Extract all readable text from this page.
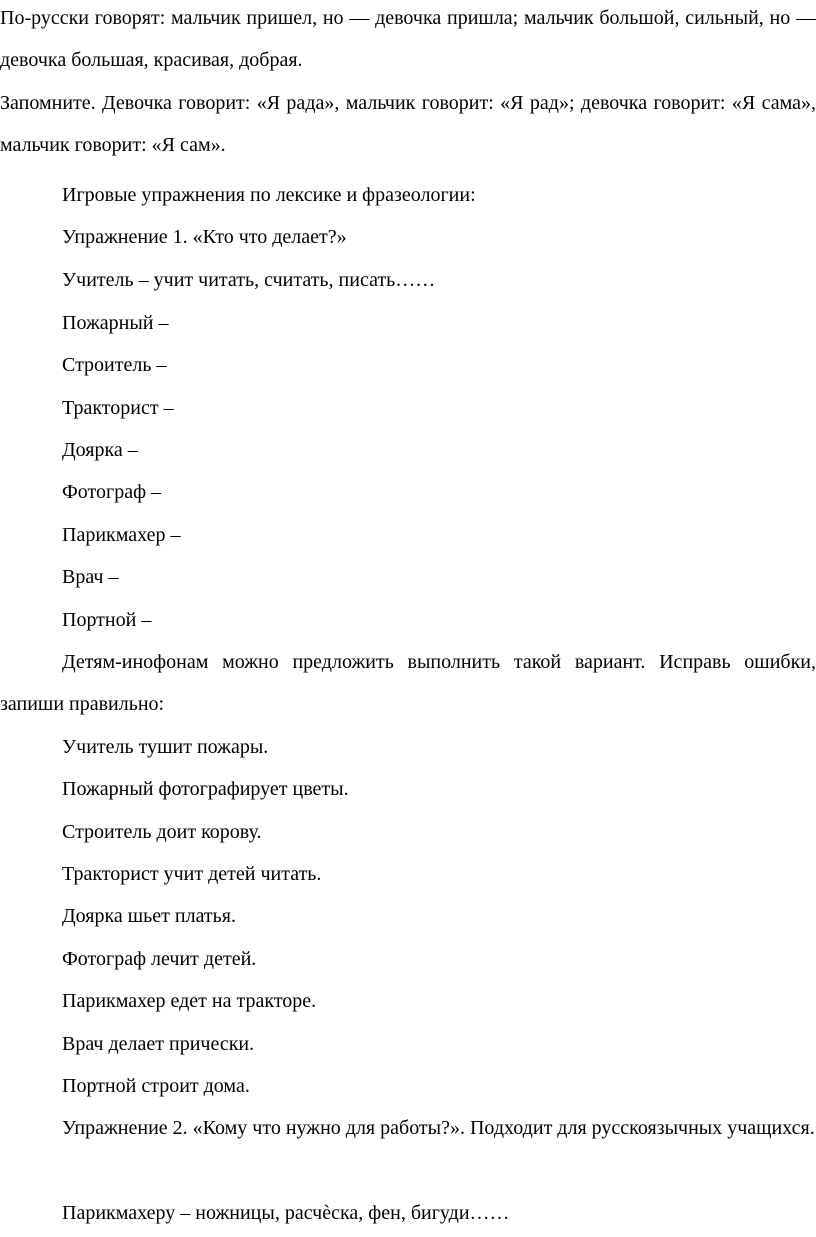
По-русски говорят: мальчик пришел, но — девочка пришла; мальчик большой, сильный, но — девочка большая, красивая, добрая.
Запомните. Девочка говорит: «Я рада», мальчик говорит: «Я рад»; девочка говорит: «Я сама», мальчик говорит: «Я сам».
Игровые упражнения по лексике и фразеологии:
Упражнение 1. «Кто что делает?»
Учитель – учит читать, считать, писать……
Пожарный –
Строитель –
Тракторист –
Доярка –
Фотограф –
Парикмахер –
Врач –
Портной –
Детям-инофонам можно предложить выполнить такой вариант. Исправь ошибки, запиши правильно:
Учитель тушит пожары.
Пожарный фотографирует цветы.
Строитель доит корову.
Тракторист учит детей читать.
Доярка шьет платья.
Фотограф лечит детей.
Парикмахер едет на тракторе.
Врач делает прически.
Портной строит дома.
Упражнение 2. «Кому что нужно для работы?». Подходит для русскоязычных учащихся.
Парикмахеру – ножницы, расчѐска, фен, бигуди……
